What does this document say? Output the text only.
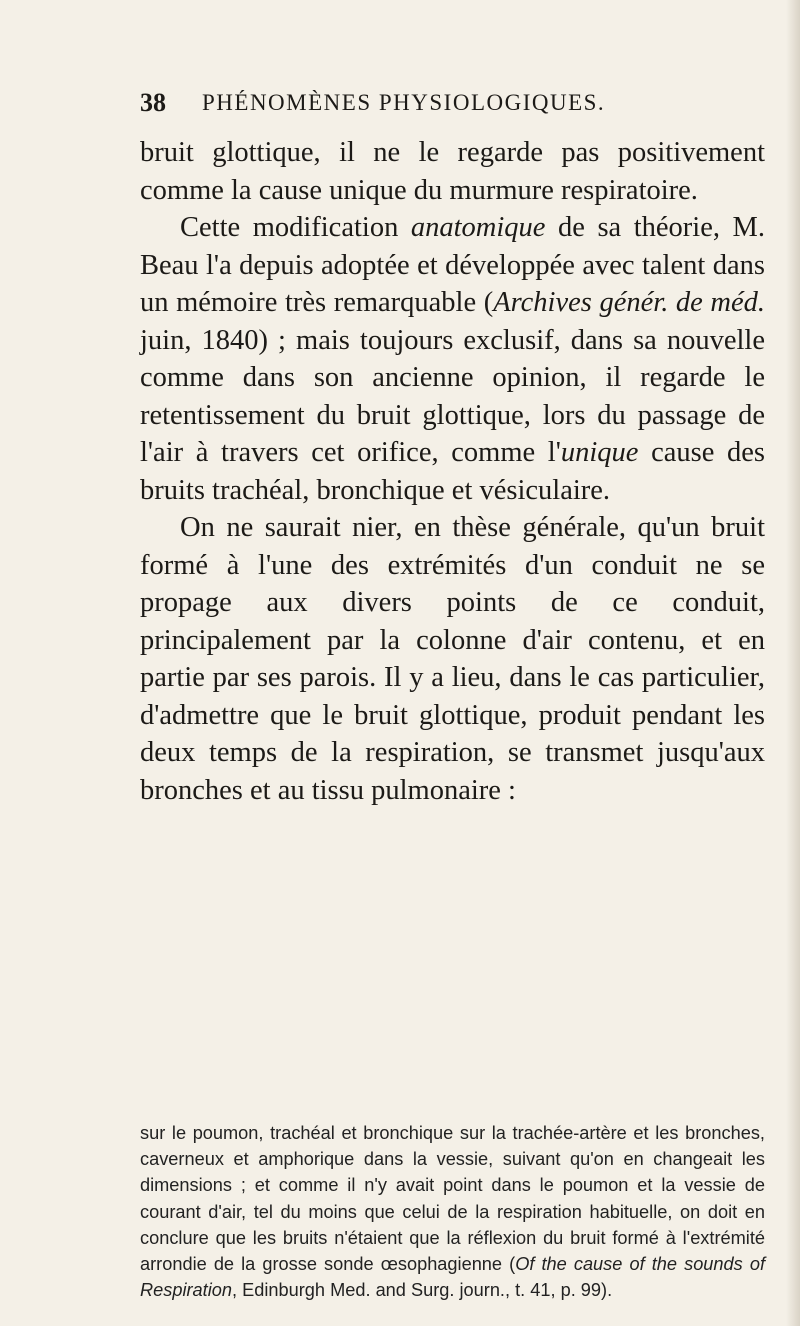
38 PHÉNOMÈNES PHYSIOLOGIQUES.

bruit glottique, il ne le regarde pas positivement comme la cause unique du murmure respiratoire.

Cette modification anatomique de sa théorie, M. Beau l'a depuis adoptée et développée avec talent dans un mémoire très remarquable (Archives génér. de méd. juin, 1840) ; mais toujours exclusif, dans sa nouvelle comme dans son ancienne opinion, il regarde le retentissement du bruit glottique, lors du passage de l'air à travers cet orifice, comme l'unique cause des bruits trachéal, bronchique et vésiculaire.

On ne saurait nier, en thèse générale, qu'un bruit formé à l'une des extrémités d'un conduit ne se propage aux divers points de ce conduit, principalement par la colonne d'air contenu, et en partie par ses parois. Il y a lieu, dans le cas particulier, d'admettre que le bruit glottique, produit pendant les deux temps de la respiration, se transmet jusqu'aux bronches et au tissu pulmonaire :

sur le poumon, trachéal et bronchique sur la trachée-artère et les bronches, caverneux et amphorique dans la vessie, suivant qu'on en changeait les dimensions ; et comme il n'y avait point dans le poumon et la vessie de courant d'air, tel du moins que celui de la respiration habituelle, on doit en conclure que les bruits n'étaient que la réflexion du bruit formé à l'extrémité arrondie de la grosse sonde œsophagienne (Of the cause of the sounds of Respiration, Edinburgh Med. and Surg. journ., t. 41, p. 99).
